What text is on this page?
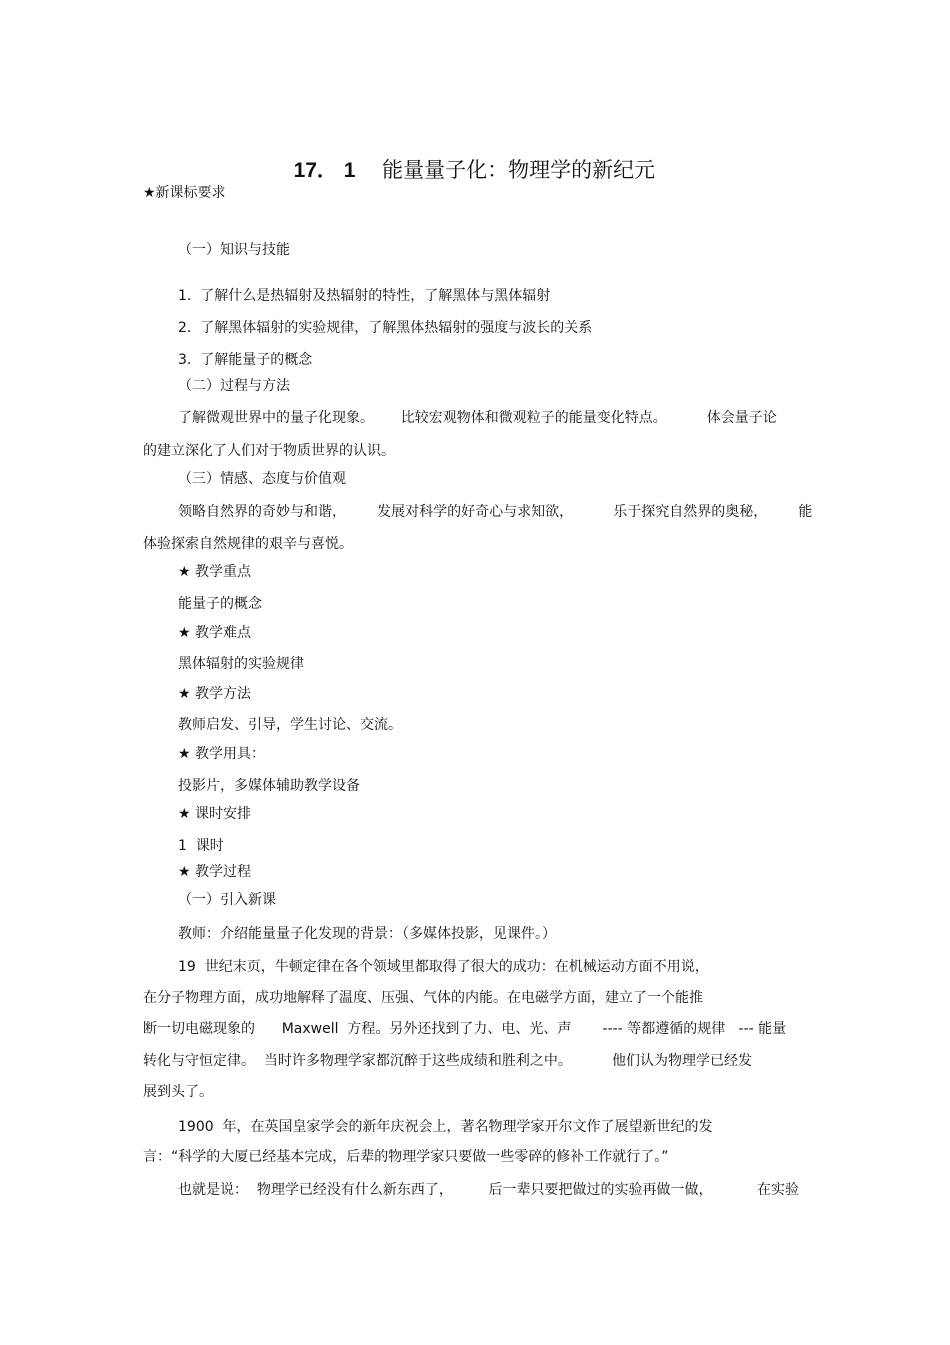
17． 1 能量量子化：物理学的新纪元

★新课标要求
（一）知识与技能
1.  了解什么是热辐射及热辐射的特性，了解黑体与黑体辐射
2.  了解黑体辐射的实验规律，了解黑体热辐射的强度与波长的关系
3.  了解能量子的概念
（二）过程与方法
了解微观世界中的量子化现象。      比较宏观物体和微观粒子的能量变化特点。         体会量子论
的建立深化了人们对于物质世界的认识。
（三）情感、态度与价值观
领略自然界的奇妙与和谐，       发展对科学的好奇心与求知欲，         乐于探究自然界的奥秘，       能
体验探索自然规律的艰辛与喜悦。
★ 教学重点
能量子的概念
★ 教学难点
黑体辐射的实验规律
★ 教学方法
教师启发、引导，学生讨论、交流。
★ 教学用具：
投影片，多媒体辅助教学设备
★ 课时安排
1  课时
★ 教学过程
（一）引入新课
教师：介绍能量量子化发现的背景：（多媒体投影，见课件。）
19  世纪末页，牛顿定律在各个领域里都取得了很大的成功：在机械运动方面不用说，
在分子物理方面，成功地解释了温度、压强、气体的内能。在电磁学方面，建立了一个能推
断一切电磁现象的      Maxwell  方程。另外还找到了力、电、光、声       ---- 等都遵循的规律   --- 能量
转化与守恒定律。  当时许多物理学家都沉醉于这些成绩和胜利之中。         他们认为物理学已经发
展到头了。
1900  年，在英国皇家学会的新年庆祝会上，著名物理学家开尔文作了展望新世纪的发
言：“科学的大厦已经基本完成，后辈的物理学家只要做一些零碎的修补工作就行了。”
也就是说：  物理学已经没有什么新东西了，        后一辈只要把做过的实验再做一做，          在实验
